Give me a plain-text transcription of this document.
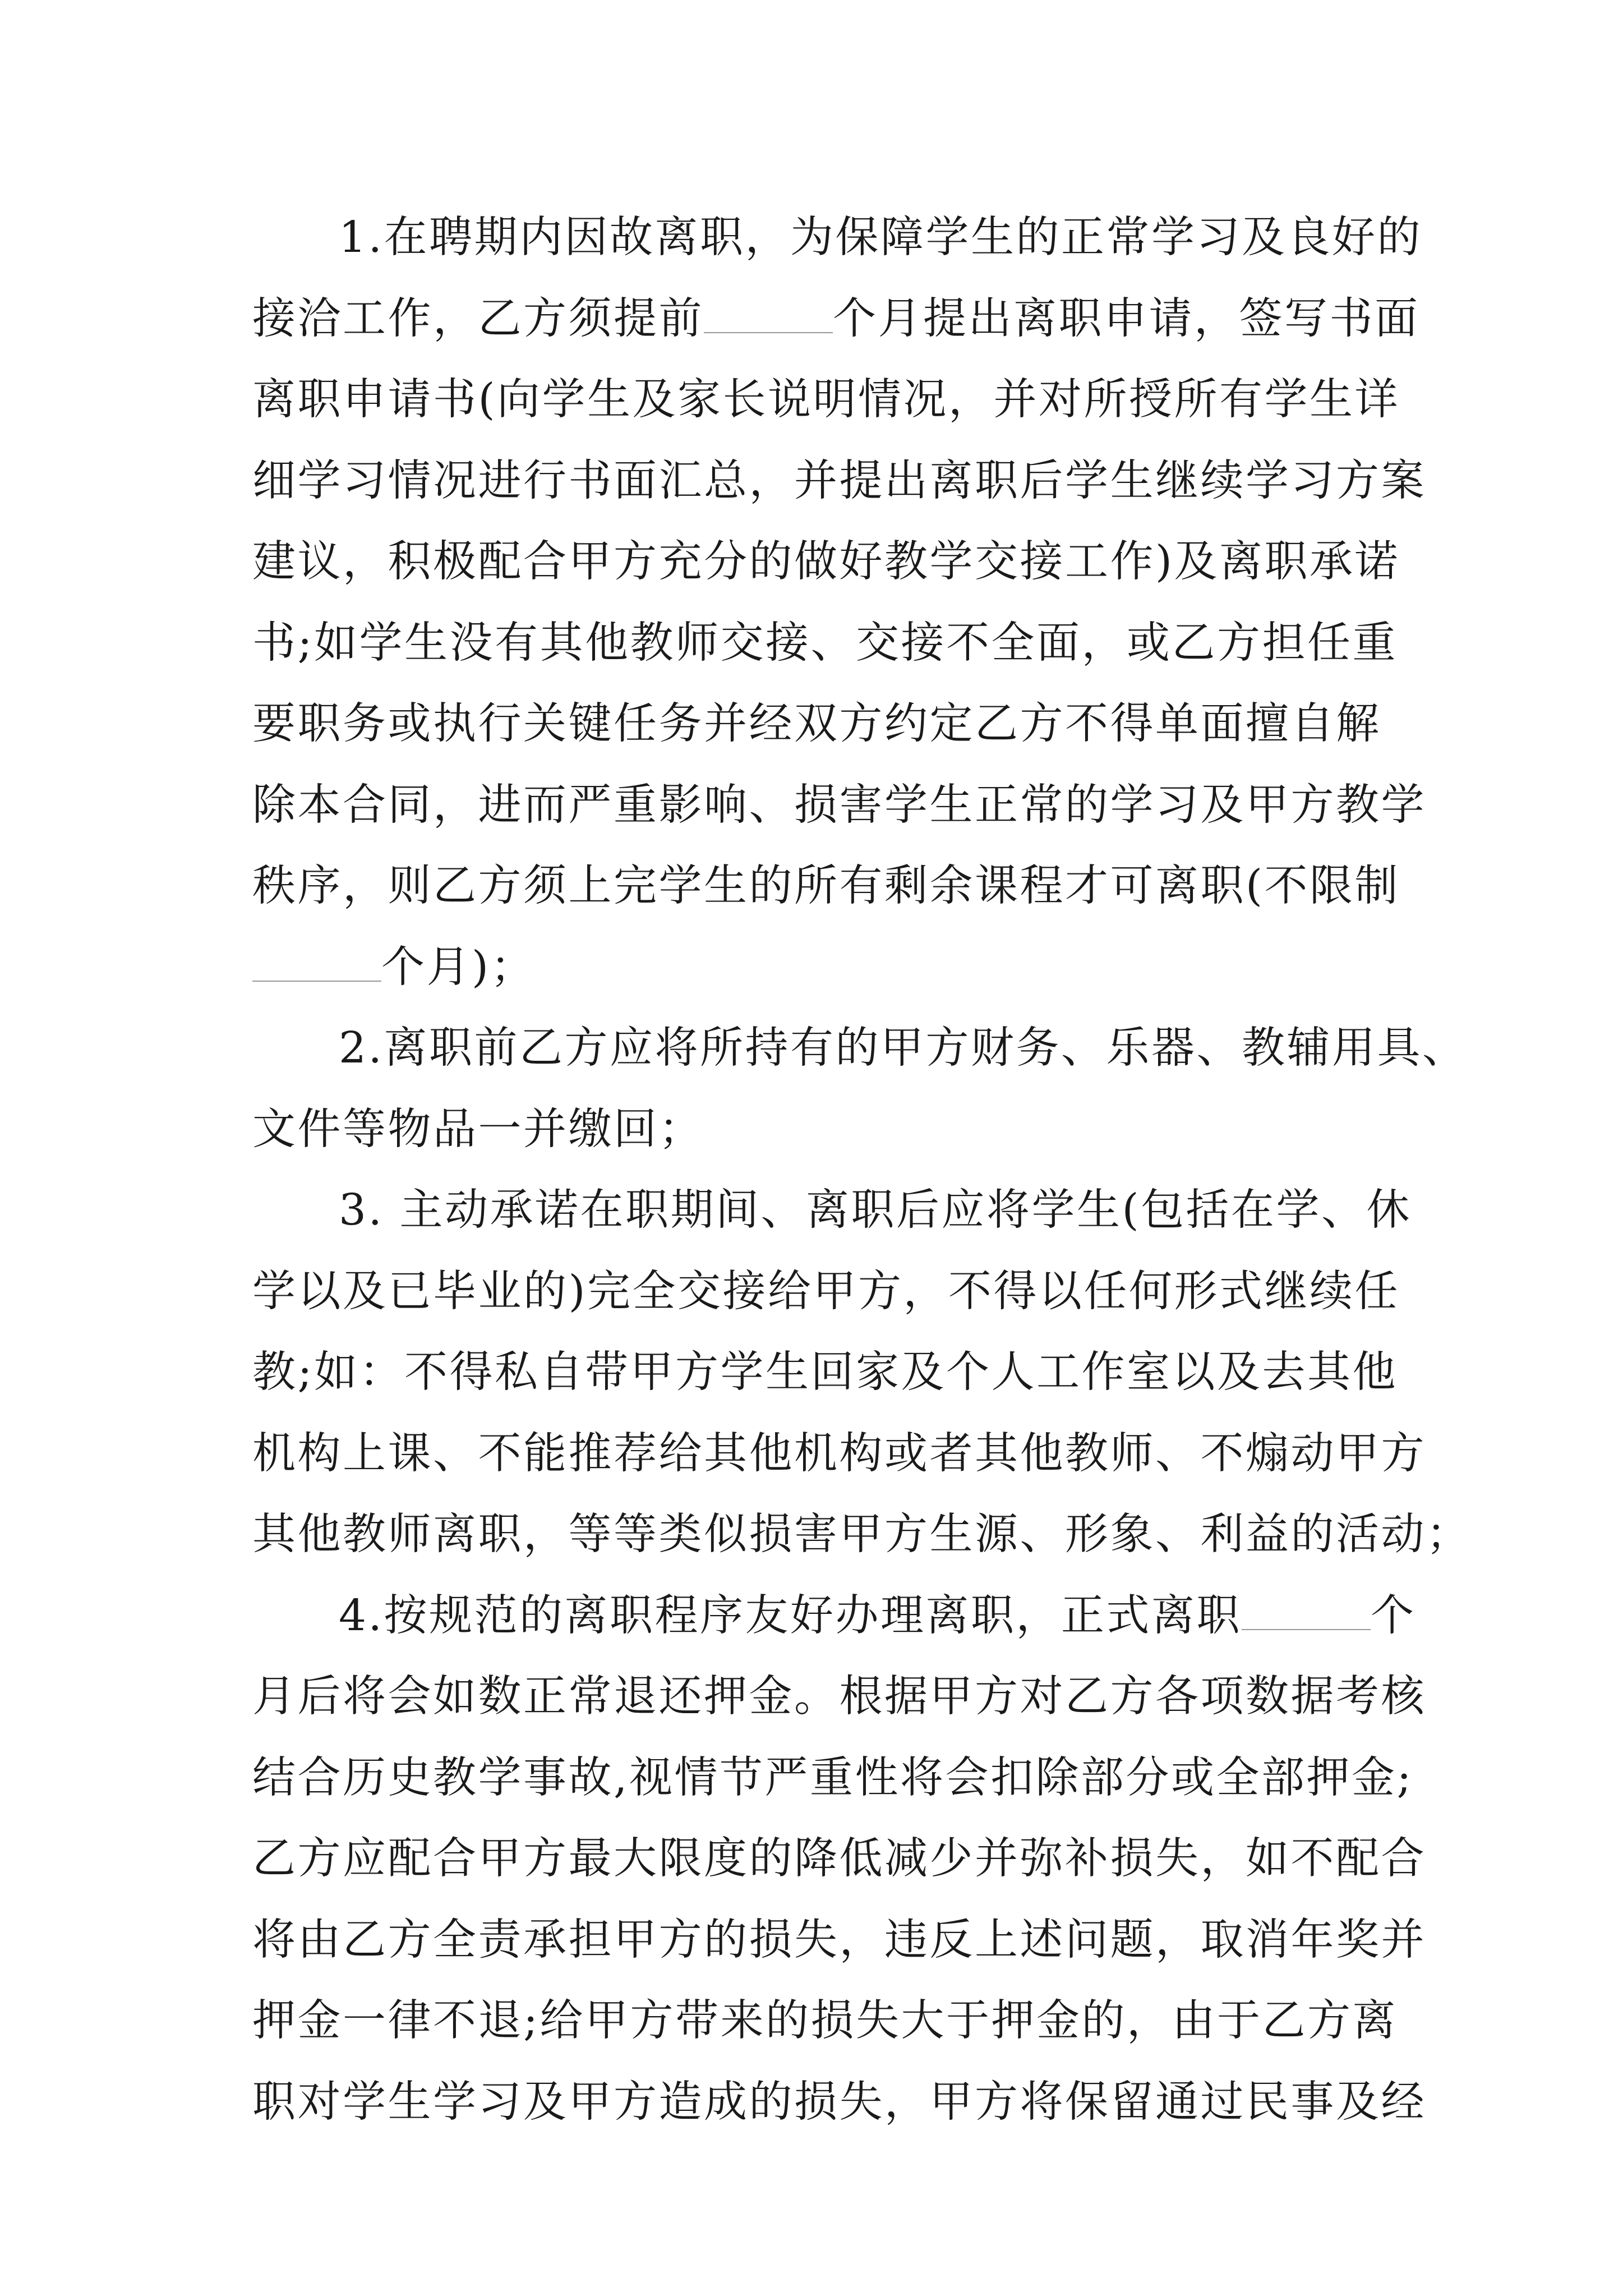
1.在聘期内因故离职，为保障学生的正常学习及良好的
接洽工作，乙方须提前	个月提出离职申请，签写书面
离职申请书(向学生及家长说明情况，并对所授所有学生详
细学习情况进行书面汇总，并提出离职后学生继续学习方案
建议，积极配合甲方充分的做好教学交接工作)及离职承诺
书;如学生没有其他教师交接、交接不全面，或乙方担任重
要职务或执行关键任务并经双方约定乙方不得单面擅自解
除本合同，进而严重影响、损害学生正常的学习及甲方教学
秩序，则乙方须上完学生的所有剩余课程才可离职(不限制
个月)；
2.离职前乙方应将所持有的甲方财务、乐器、教辅用具、
文件等物品一并缴回；
3. 主动承诺在职期间、离职后应将学生(包括在学、休
学以及已毕业的)完全交接给甲方，不得以任何形式继续任
教;如：不得私自带甲方学生回家及个人工作室以及去其他
机构上课、不能推荐给其他机构或者其他教师、不煽动甲方
其他教师离职，等等类似损害甲方生源、形象、利益的活动；
4.按规范的离职程序友好办理离职，正式离职	个
月后将会如数正常退还押金。根据甲方对乙方各项数据考核
结合历史教学事故,视情节严重性将会扣除部分或全部押金;
乙方应配合甲方最大限度的降低减少并弥补损失，如不配合
将由乙方全责承担甲方的损失，违反上述问题，取消年奖并
押金一律不退;给甲方带来的损失大于押金的，由于乙方离
职对学生学习及甲方造成的损失，甲方将保留通过民事及经
